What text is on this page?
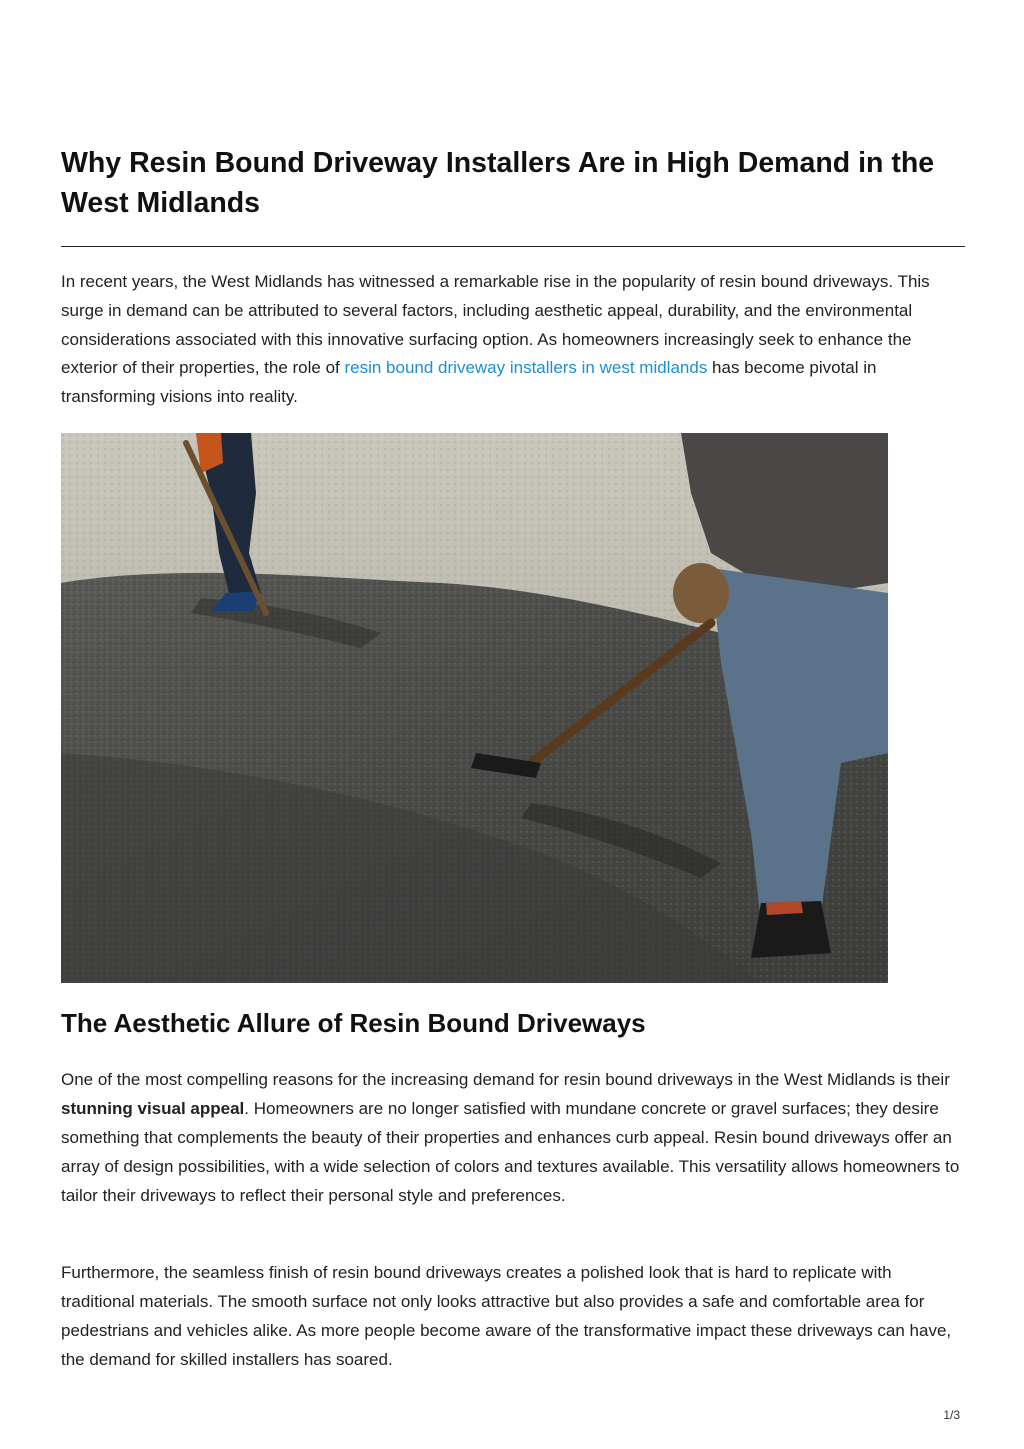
Why Resin Bound Driveway Installers Are in High Demand in the West Midlands

In recent years, the West Midlands has witnessed a remarkable rise in the popularity of resin bound driveways. This surge in demand can be attributed to several factors, including aesthetic appeal, durability, and the environmental considerations associated with this innovative surfacing option. As homeowners increasingly seek to enhance the exterior of their properties, the role of resin bound driveway installers in west midlands has become pivotal in transforming visions into reality.

The Aesthetic Allure of Resin Bound Driveways

One of the most compelling reasons for the increasing demand for resin bound driveways in the West Midlands is their stunning visual appeal. Homeowners are no longer satisfied with mundane concrete or gravel surfaces; they desire something that complements the beauty of their properties and enhances curb appeal. Resin bound driveways offer an array of design possibilities, with a wide selection of colors and textures available. This versatility allows homeowners to tailor their driveways to reflect their personal style and preferences.

Furthermore, the seamless finish of resin bound driveways creates a polished look that is hard to replicate with traditional materials. The smooth surface not only looks attractive but also provides a safe and comfortable area for pedestrians and vehicles alike. As more people become aware of the transformative impact these driveways can have, the demand for skilled installers has soared.

1/3
